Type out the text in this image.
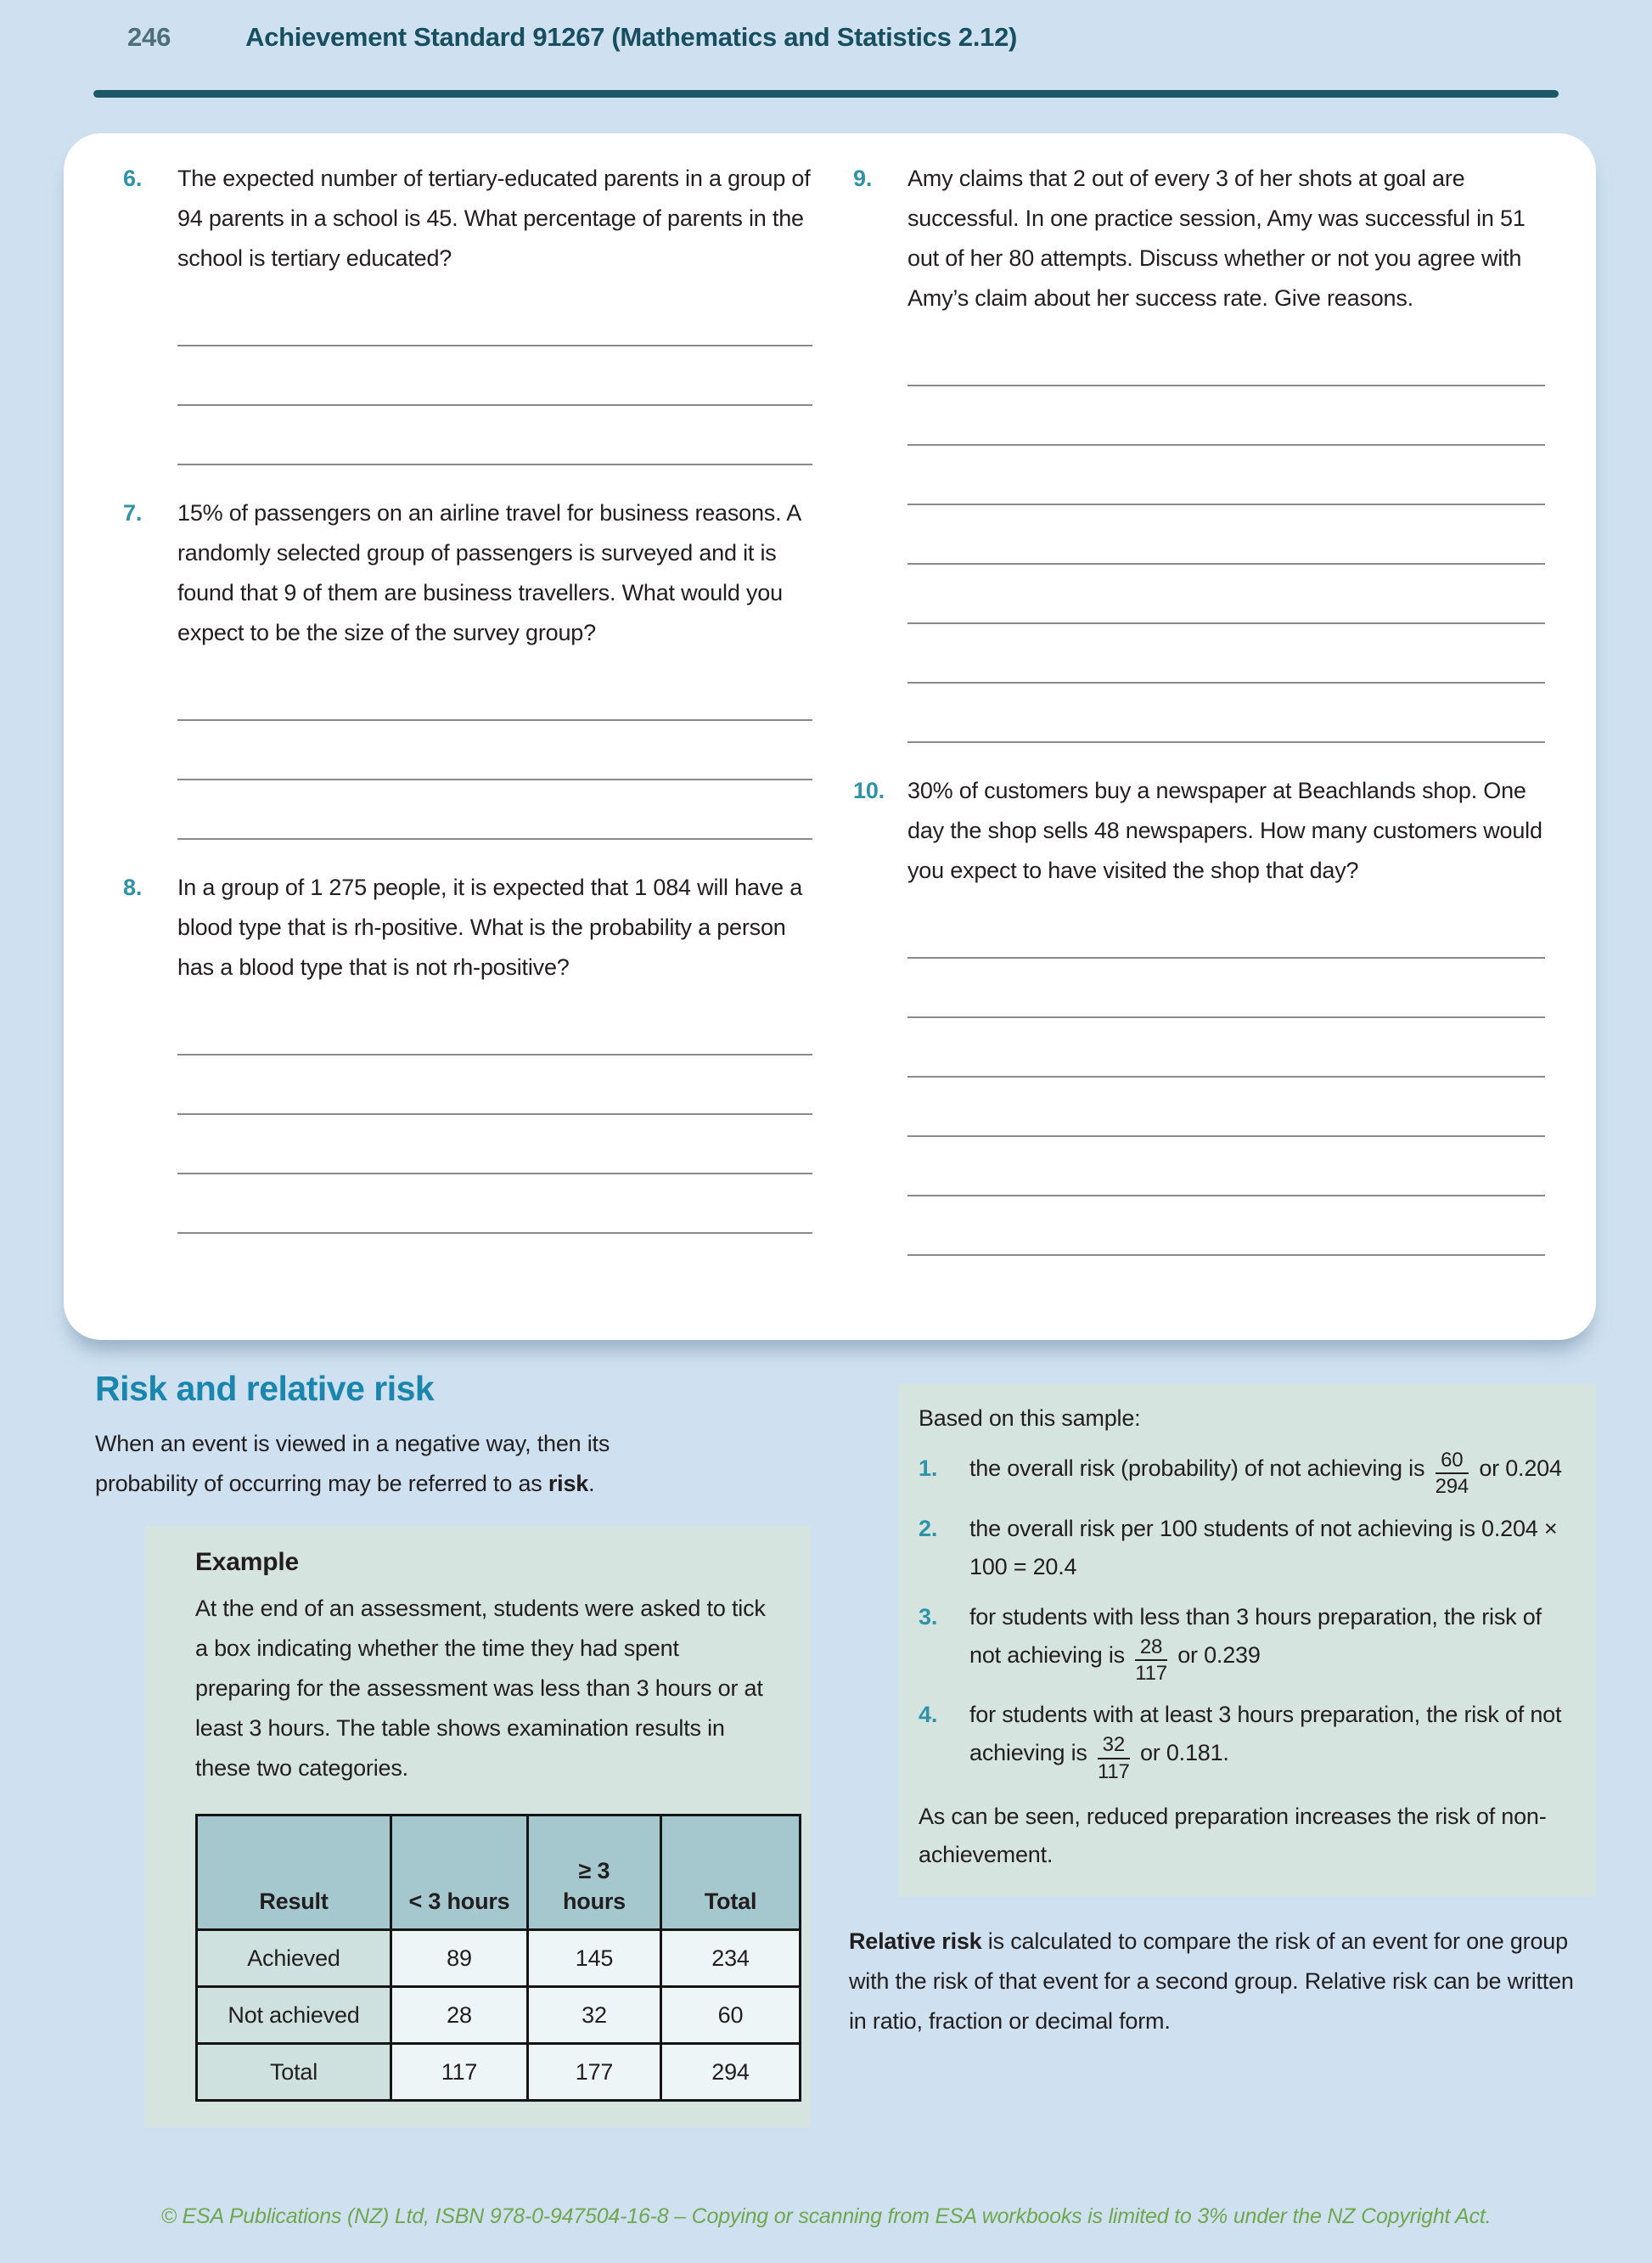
246	Achievement Standard 91267 (Mathematics and Statistics 2.12)
6.	The expected number of tertiary-educated parents in a group of 94 parents in a school is 45. What percentage of parents in the school is tertiary educated?
7.	15% of passengers on an airline travel for business reasons. A randomly selected group of passengers is surveyed and it is found that 9 of them are business travellers. What would you expect to be the size of the survey group?
8.	In a group of 1 275 people, it is expected that 1 084 will have a blood type that is rh-positive. What is the probability a person has a blood type that is not rh-positive?
9.	Amy claims that 2 out of every 3 of her shots at goal are successful. In one practice session, Amy was successful in 51 out of her 80 attempts. Discuss whether or not you agree with Amy’s claim about her success rate. Give reasons.
10.	30% of customers buy a newspaper at Beachlands shop. One day the shop sells 48 newspapers. How many customers would you expect to have visited the shop that day?
Risk and relative risk

When an event is viewed in a negative way, then its probability of occurring may be referred to as risk.

Example

At the end of an assessment, students were asked to tick a box indicating whether the time they had spent preparing for the assessment was less than 3 hours or at least 3 hours. The table shows examination results in these two categories.

Result	< 3 hours	≥ 3 hours	Total
Achieved	89	145	234
Not achieved	28	32	60
Total	117	177	294

Based on this sample:

1.	the overall risk (probability) of not achieving is $\frac{60}{294}$ or 0.204
2.	the overall risk per 100 students of not achieving is 0.204 × 100 = 20.4
3.	for students with less than 3 hours preparation, the risk of not achieving is $\frac{28}{117}$ or 0.239
4.	for students with at least 3 hours preparation, the risk of not achieving is $\frac{32}{117}$ or 0.181.

As can be seen, reduced preparation increases the risk of non-achievement.

Relative risk is calculated to compare the risk of an event for one group with the risk of that event for a second group. Relative risk can be written in ratio, fraction or decimal form.

© ESA Publications (NZ) Ltd, ISBN 978-0-947504-16-8 – Copying or scanning from ESA workbooks is limited to 3% under the NZ Copyright Act.
